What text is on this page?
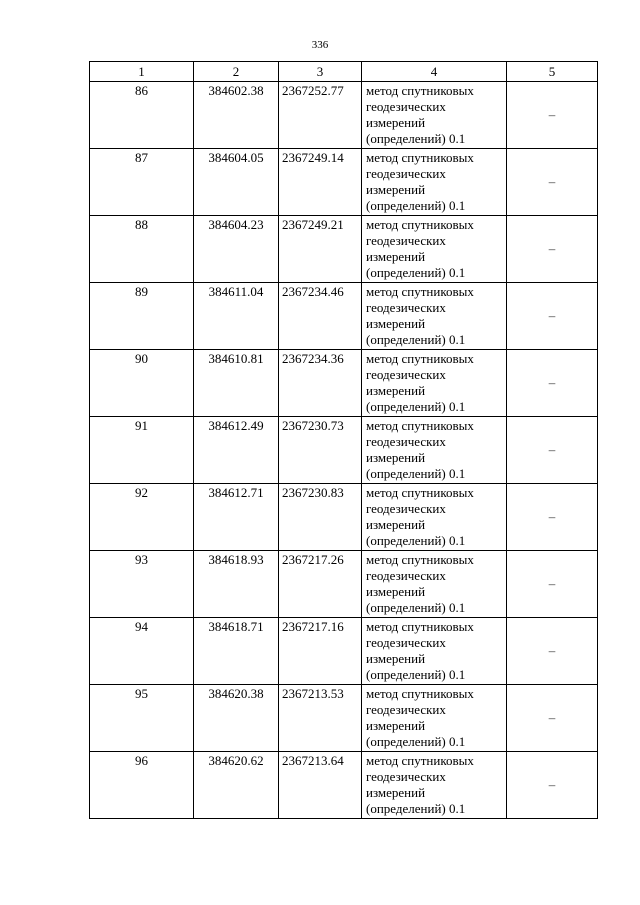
336
1	2	3	4	5
86	384602.38	2367252.77	метод спутниковых геодезических измерений (определений) 0.1	–
87	384604.05	2367249.14	метод спутниковых геодезических измерений (определений) 0.1	–
88	384604.23	2367249.21	метод спутниковых геодезических измерений (определений) 0.1	–
89	384611.04	2367234.46	метод спутниковых геодезических измерений (определений) 0.1	–
90	384610.81	2367234.36	метод спутниковых геодезических измерений (определений) 0.1	–
91	384612.49	2367230.73	метод спутниковых геодезических измерений (определений) 0.1	–
92	384612.71	2367230.83	метод спутниковых геодезических измерений (определений) 0.1	–
93	384618.93	2367217.26	метод спутниковых геодезических измерений (определений) 0.1	–
94	384618.71	2367217.16	метод спутниковых геодезических измерений (определений) 0.1	–
95	384620.38	2367213.53	метод спутниковых геодезических измерений (определений) 0.1	–
96	384620.62	2367213.64	метод спутниковых геодезических измерений (определений) 0.1	–
